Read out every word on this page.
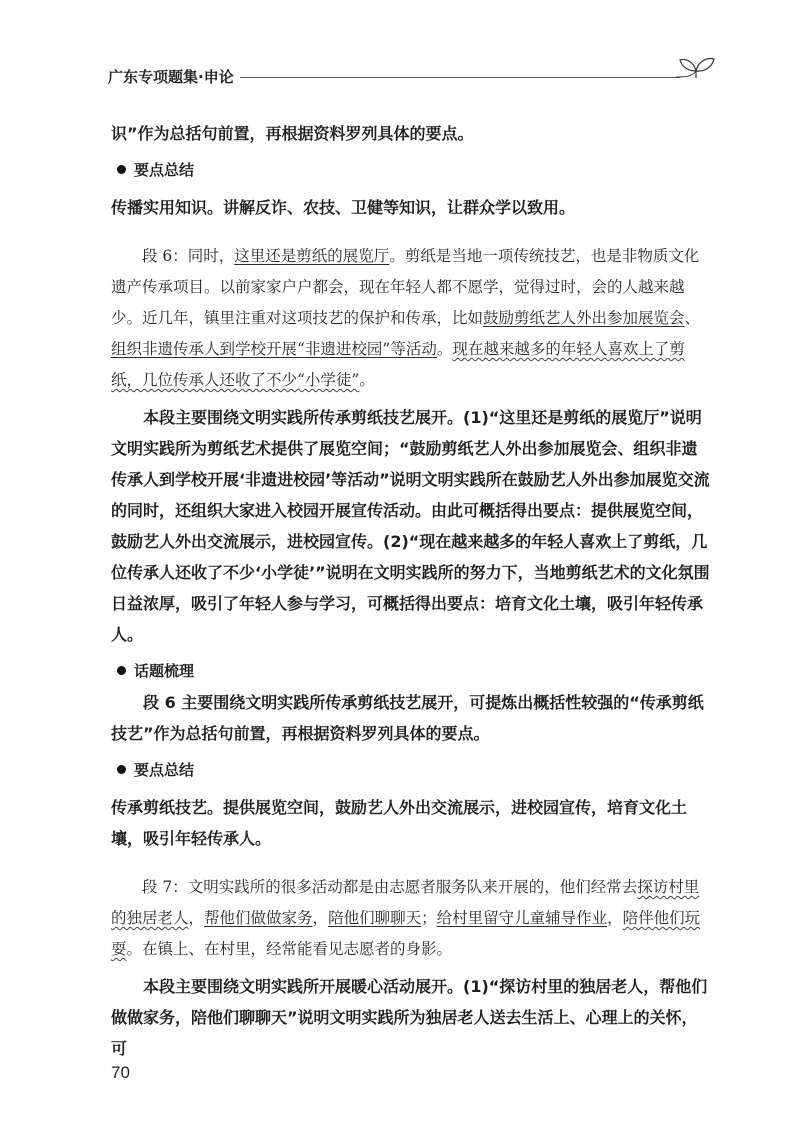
广东专项题集·申论

识”作为总括句前置，再根据资料罗列具体的要点。

要点总结

传播实用知识。讲解反诈、农技、卫健等知识，让群众学以致用。

段 6：同时，这里还是剪纸的展览厅。剪纸是当地一项传统技艺，也是非物质文化遗产传承项目。以前家家户户都会，现在年轻人都不愿学，觉得过时，会的人越来越少。近几年，镇里注重对这项技艺的保护和传承，比如鼓励剪纸艺人外出参加展览会、组织非遗传承人到学校开展“非遗进校园”等活动。现在越来越多的年轻人喜欢上了剪纸，几位传承人还收了不少“小学徒”。

本段主要围绕文明实践所传承剪纸技艺展开。(1)“这里还是剪纸的展览厅”说明文明实践所为剪纸艺术提供了展览空间；“鼓励剪纸艺人外出参加展览会、组织非遗传承人到学校开展‘非遗进校园’等活动”说明文明实践所在鼓励艺人外出参加展览交流的同时，还组织大家进入校园开展宣传活动。由此可概括得出要点：提供展览空间，鼓励艺人外出交流展示，进校园宣传。(2)“现在越来越多的年轻人喜欢上了剪纸，几位传承人还收了不少‘小学徒’”说明在文明实践所的努力下，当地剪纸艺术的文化氛围日益浓厚，吸引了年轻人参与学习，可概括得出要点：培育文化土壤，吸引年轻传承人。

话题梳理

段 6 主要围绕文明实践所传承剪纸技艺展开，可提炼出概括性较强的“传承剪纸技艺”作为总括句前置，再根据资料罗列具体的要点。

要点总结

传承剪纸技艺。提供展览空间，鼓励艺人外出交流展示，进校园宣传，培育文化土壤，吸引年轻传承人。

段 7：文明实践所的很多活动都是由志愿者服务队来开展的，他们经常去探访村里的独居老人，帮他们做做家务，陪他们聊聊天；给村里留守儿童辅导作业，陪伴他们玩耍。在镇上、在村里，经常能看见志愿者的身影。

本段主要围绕文明实践所开展暖心活动展开。(1)“探访村里的独居老人，帮他们做做家务，陪他们聊聊天”说明文明实践所为独居老人送去生活上、心理上的关怀，可

70
